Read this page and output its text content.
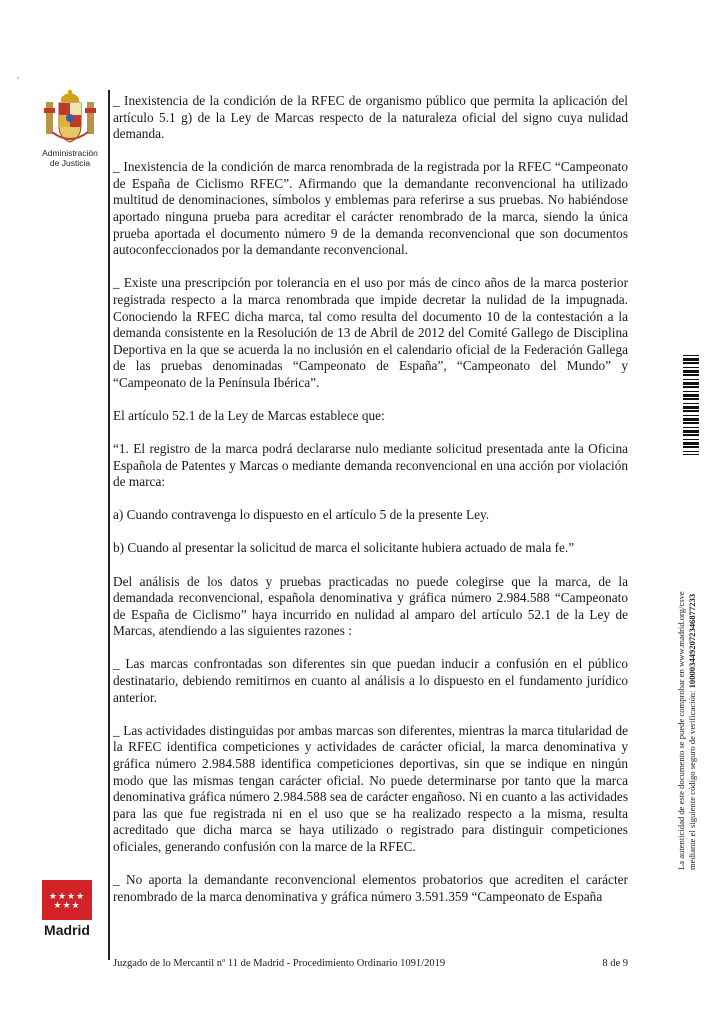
Administración
de Justicia

_ Inexistencia de la condición de la RFEC de organismo público que permita la aplicación del artículo 5.1 g) de la Ley de Marcas respecto de la naturaleza oficial del signo cuya nulidad demanda.

_ Inexistencia de la condición de marca renombrada de la registrada por la RFEC “Campeonato de España de Ciclismo RFEC”. Afirmando que la demandante reconvencional ha utilizado multitud de denominaciones, símbolos y emblemas para referirse a sus pruebas. No habiéndose aportado ninguna prueba para acreditar el carácter renombrado de la marca, siendo la única prueba aportada el documento número 9 de la demanda reconvencional que son documentos autoconfeccionados por la demandante reconvencional.

_ Existe una prescripción por tolerancia en el uso por más de cinco años de la marca posterior registrada respecto a la marca renombrada que impide decretar la nulidad de la impugnada. Conociendo la RFEC dicha marca, tal como resulta del documento 10 de la contestación a la demanda consistente en la Resolución de 13 de Abril de 2012 del Comité Gallego de Disciplina Deportiva en la que se acuerda la no inclusión en el calendario oficial de la Federación Gallega de las pruebas denominadas “Campeonato de España”, “Campeonato del Mundo” y “Campeonato de la Península Ibérica”.

El artículo 52.1 de la Ley de Marcas establece que:

“1. El registro de la marca podrá declararse nulo mediante solicitud presentada ante la Oficina Española de Patentes y Marcas o mediante demanda reconvencional en una acción por violación de marca:

a) Cuando contravenga lo dispuesto en el artículo 5 de la presente Ley.

b) Cuando al presentar la solicitud de marca el solicitante hubiera actuado de mala fe.”

Del análisis de los datos y pruebas practicadas no puede colegirse que la marca, de la demandada reconvencional, española denominativa y gráfica número 2.984.588 “Campeonato de España de Ciclismo” haya incurrido en nulidad al amparo del artículo 52.1 de la Ley de Marcas, atendiendo a las siguientes razones :

_ Las marcas confrontadas son diferentes sin que puedan inducir a confusión en el público destinatario, debiendo remitirnos en cuanto al análisis a lo dispuesto en el fundamento jurídico anterior.

_ Las actividades distinguidas por ambas marcas son diferentes, mientras la marca titularidad de la RFEC identifica competiciones y actividades de carácter oficial, la marca denominativa y gráfica número 2.984.588 identifica competiciones deportivas, sin que se indique en ningún modo que las mismas tengan carácter oficial. No puede determinarse por tanto que la marca denominativa gráfica número 2.984.588 sea de carácter engañoso. Ni en cuanto a las actividades para las que fue registrada ni en el uso que se ha realizado respecto a la misma, resulta acreditado que dicha marca se haya utilizado o registrado para distinguir competiciones oficiales, generando confusión con la marce de la RFEC.

_ No aporta la demandante reconvencional elementos probatorios que acrediten el carácter renombrado de la marca denominativa y gráfica número 3.591.359 “Campeonato de España

★★★★
★★★
Madrid
Juzgado de lo Mercantil nº 11 de Madrid - Procedimiento Ordinario 1091/2019	8 de 9
La autenticidad de este documento se puede comprobar en www.madrid.org/csve mediante el siguiente código seguro de verificación: 1000034492072346877233
